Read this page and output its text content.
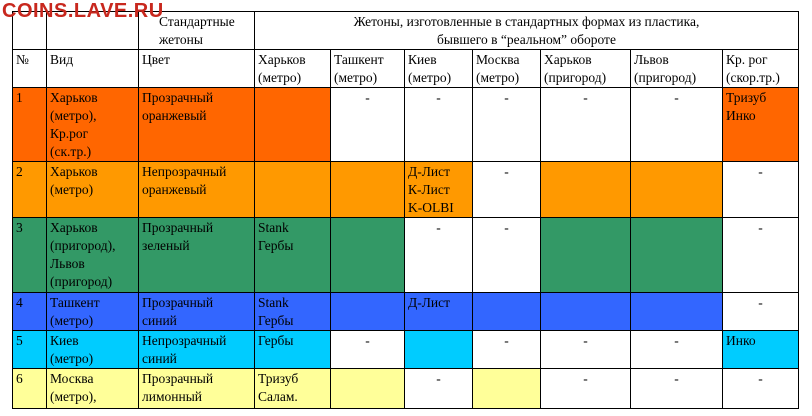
COINS.LAVE.RU
		Стандартные
жетоны	Жетоны, изготовленные в стандартных формах из пластика,
бывшего в “реальном” обороте						
№	Вид	Цвет	Харьков
(метро)	Ташкент
(метро)	Киев
(метро)	Москва
(метро)	Харьков
(пригород)	Львов
(пригород)	Кр. рог
(скор.тр.)
1	Харьков
(метро),
Кр.рог
(ск.тр.)	Прозрачный
оранжевый		-	-	-	-	-	Тризуб
Инко
2	Харьков
(метро)	Непрозрачный
оранжевый			Д-Лист
К-Лист
K-OLBI	-			-
3	Харьков
(пригород),
Львов
(пригород)	Прозрачный
зеленый	Stank
Гербы		-	-			-
4	Ташкент
(метро)	Прозрачный
синий	Stank
Гербы		Д-Лист				-
5	Киев
(метро)	Непрозрачный
синий	Гербы	-		-	-	-	Инко
6	Москва
(метро),	Прозрачный
лимонный	Тризуб
Салам.		-		-	-	-
